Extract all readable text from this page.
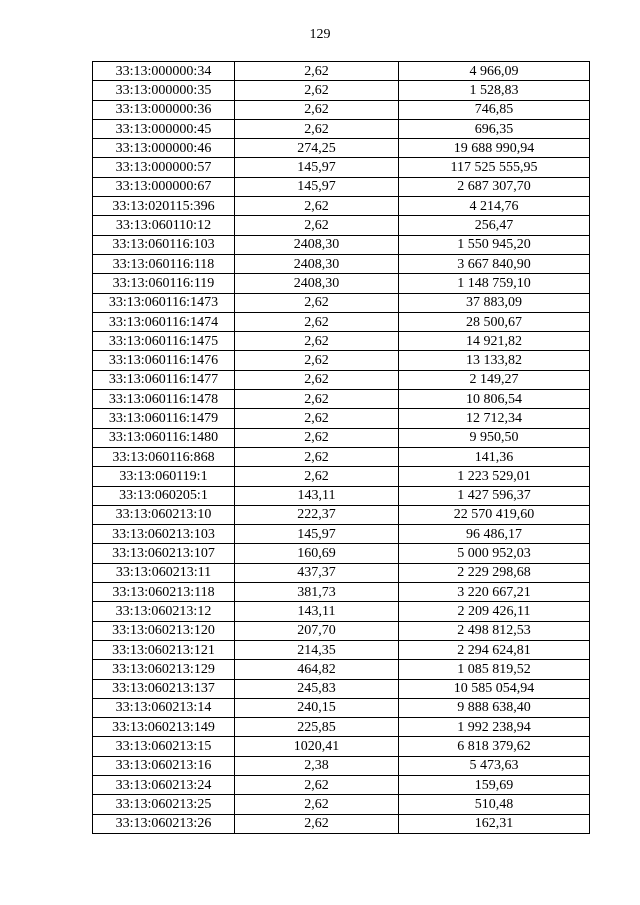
129
33:13:000000:34	2,62	4 966,09
33:13:000000:35	2,62	1 528,83
33:13:000000:36	2,62	746,85
33:13:000000:45	2,62	696,35
33:13:000000:46	274,25	19 688 990,94
33:13:000000:57	145,97	117 525 555,95
33:13:000000:67	145,97	2 687 307,70
33:13:020115:396	2,62	4 214,76
33:13:060110:12	2,62	256,47
33:13:060116:103	2408,30	1 550 945,20
33:13:060116:118	2408,30	3 667 840,90
33:13:060116:119	2408,30	1 148 759,10
33:13:060116:1473	2,62	37 883,09
33:13:060116:1474	2,62	28 500,67
33:13:060116:1475	2,62	14 921,82
33:13:060116:1476	2,62	13 133,82
33:13:060116:1477	2,62	2 149,27
33:13:060116:1478	2,62	10 806,54
33:13:060116:1479	2,62	12 712,34
33:13:060116:1480	2,62	9 950,50
33:13:060116:868	2,62	141,36
33:13:060119:1	2,62	1 223 529,01
33:13:060205:1	143,11	1 427 596,37
33:13:060213:10	222,37	22 570 419,60
33:13:060213:103	145,97	96 486,17
33:13:060213:107	160,69	5 000 952,03
33:13:060213:11	437,37	2 229 298,68
33:13:060213:118	381,73	3 220 667,21
33:13:060213:12	143,11	2 209 426,11
33:13:060213:120	207,70	2 498 812,53
33:13:060213:121	214,35	2 294 624,81
33:13:060213:129	464,82	1 085 819,52
33:13:060213:137	245,83	10 585 054,94
33:13:060213:14	240,15	9 888 638,40
33:13:060213:149	225,85	1 992 238,94
33:13:060213:15	1020,41	6 818 379,62
33:13:060213:16	2,38	5 473,63
33:13:060213:24	2,62	159,69
33:13:060213:25	2,62	510,48
33:13:060213:26	2,62	162,31
